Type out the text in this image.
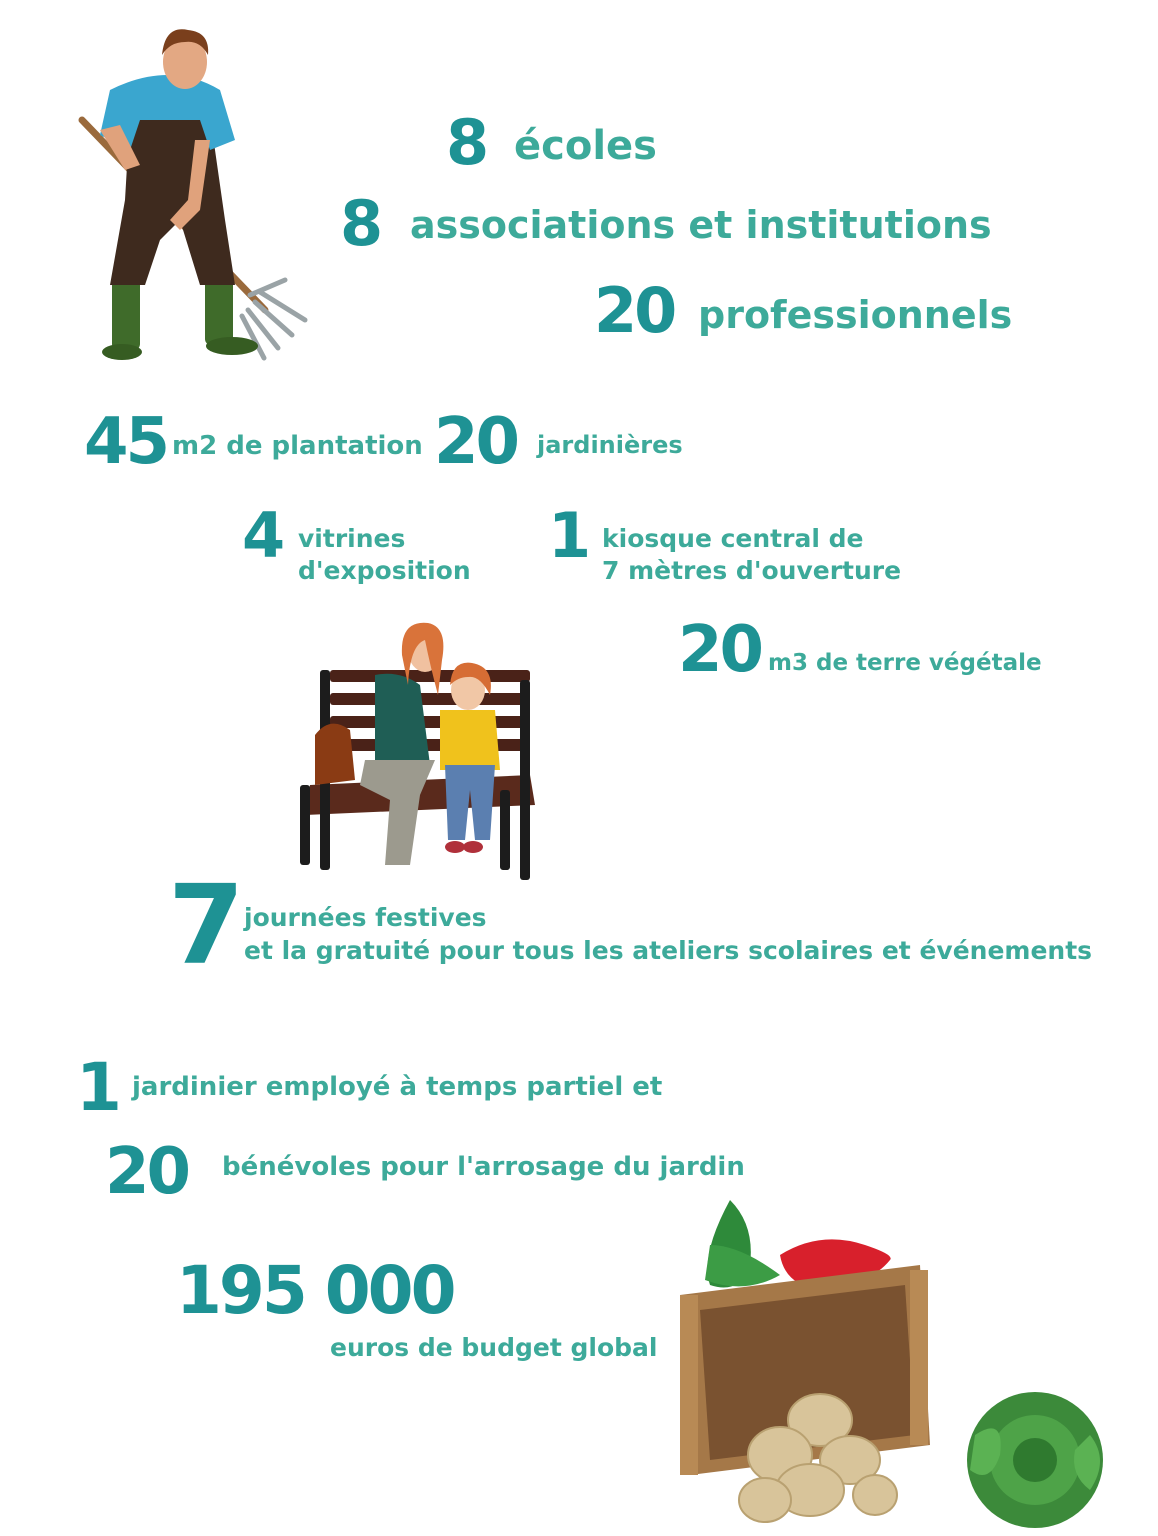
8 écoles
8 associations et institutions
20 professionnels
45 m2 de plantation 20 jardinières
4 vitrines
d'exposition 1 kiosque central de
7 mètres d'ouverture
20 m3 de terre végétale
7 journées festives
et la gratuité pour tous les ateliers scolaires et événements
1 jardinier employé à temps partiel et
20 bénévoles pour l'arrosage du jardin
195 000
euros de budget global
